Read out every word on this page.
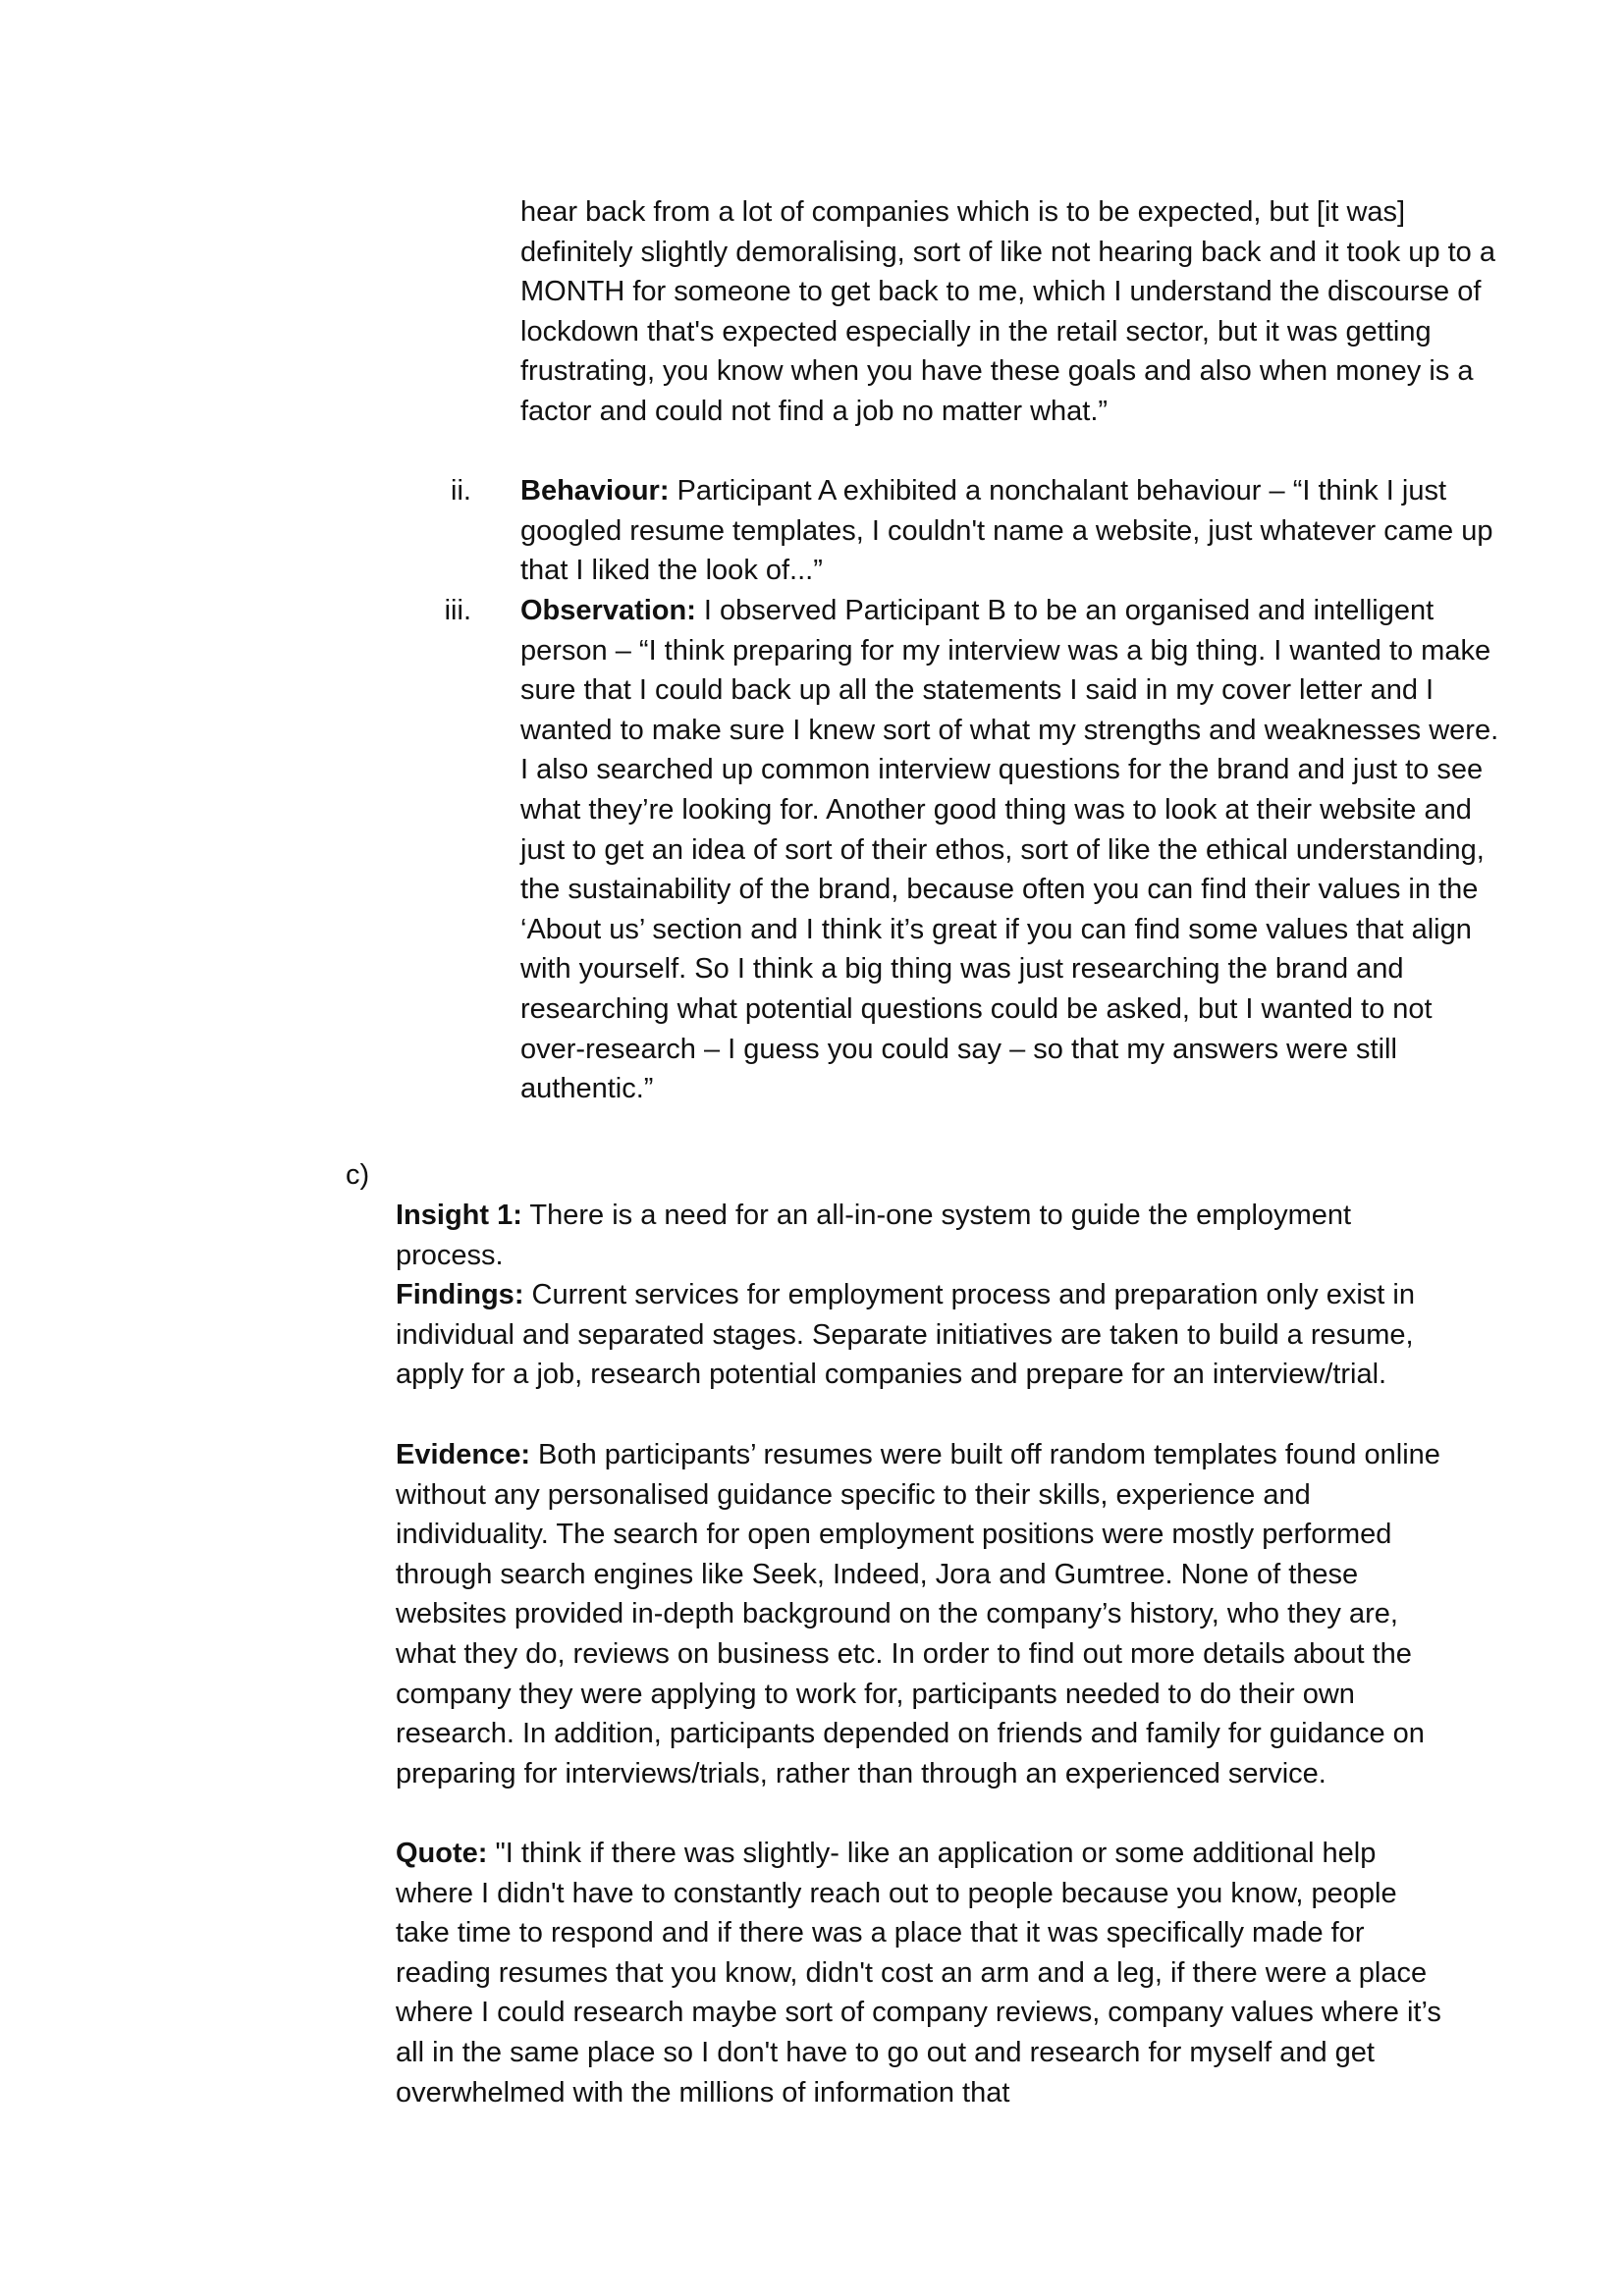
hear back from a lot of companies which is to be expected, but [it was] definitely slightly demoralising, sort of like not hearing back and it took up to a MONTH for someone to get back to me, which I understand the discourse of lockdown that's expected especially in the retail sector, but it was getting frustrating, you know when you have these goals and also when money is a factor and could not find a job no matter what.”

ii. Behaviour: Participant A exhibited a nonchalant behaviour – “I think I just googled resume templates, I couldn't name a website, just whatever came up that I liked the look of...”
iii. Observation: I observed Participant B to be an organised and intelligent person – “I think preparing for my interview was a big thing. I wanted to make sure that I could back up all the statements I said in my cover letter and I wanted to make sure I knew sort of what my strengths and weaknesses were. I also searched up common interview questions for the brand and just to see what they’re looking for. Another good thing was to look at their website and just to get an idea of sort of their ethos, sort of like the ethical understanding, the sustainability of the brand, because often you can find their values in the ‘About us’ section and I think it’s great if you can find some values that align with yourself. So I think a big thing was just researching the brand and researching what potential questions could be asked, but I wanted to not over-research – I guess you could say – so that my answers were still authentic.”
c)
Insight 1: There is a need for an all-in-one system to guide the employment process.
Findings: Current services for employment process and preparation only exist in individual and separated stages. Separate initiatives are taken to build a resume, apply for a job, research potential companies and prepare for an interview/trial.
Evidence: Both participants’ resumes were built off random templates found online without any personalised guidance specific to their skills, experience and individuality. The search for open employment positions were mostly performed through search engines like Seek, Indeed, Jora and Gumtree. None of these websites provided in-depth background on the company’s history, who they are, what they do, reviews on business etc. In order to find out more details about the company they were applying to work for, participants needed to do their own research. In addition, participants depended on friends and family for guidance on preparing for interviews/trials, rather than through an experienced service.
Quote: "I think if there was slightly- like an application or some additional help where I didn't have to constantly reach out to people because you know, people take time to respond and if there was a place that it was specifically made for reading resumes that you know, didn't cost an arm and a leg, if there were a place where I could research maybe sort of company reviews, company values where it’s all in the same place so I don't have to go out and research for myself and get overwhelmed with the millions of information that
